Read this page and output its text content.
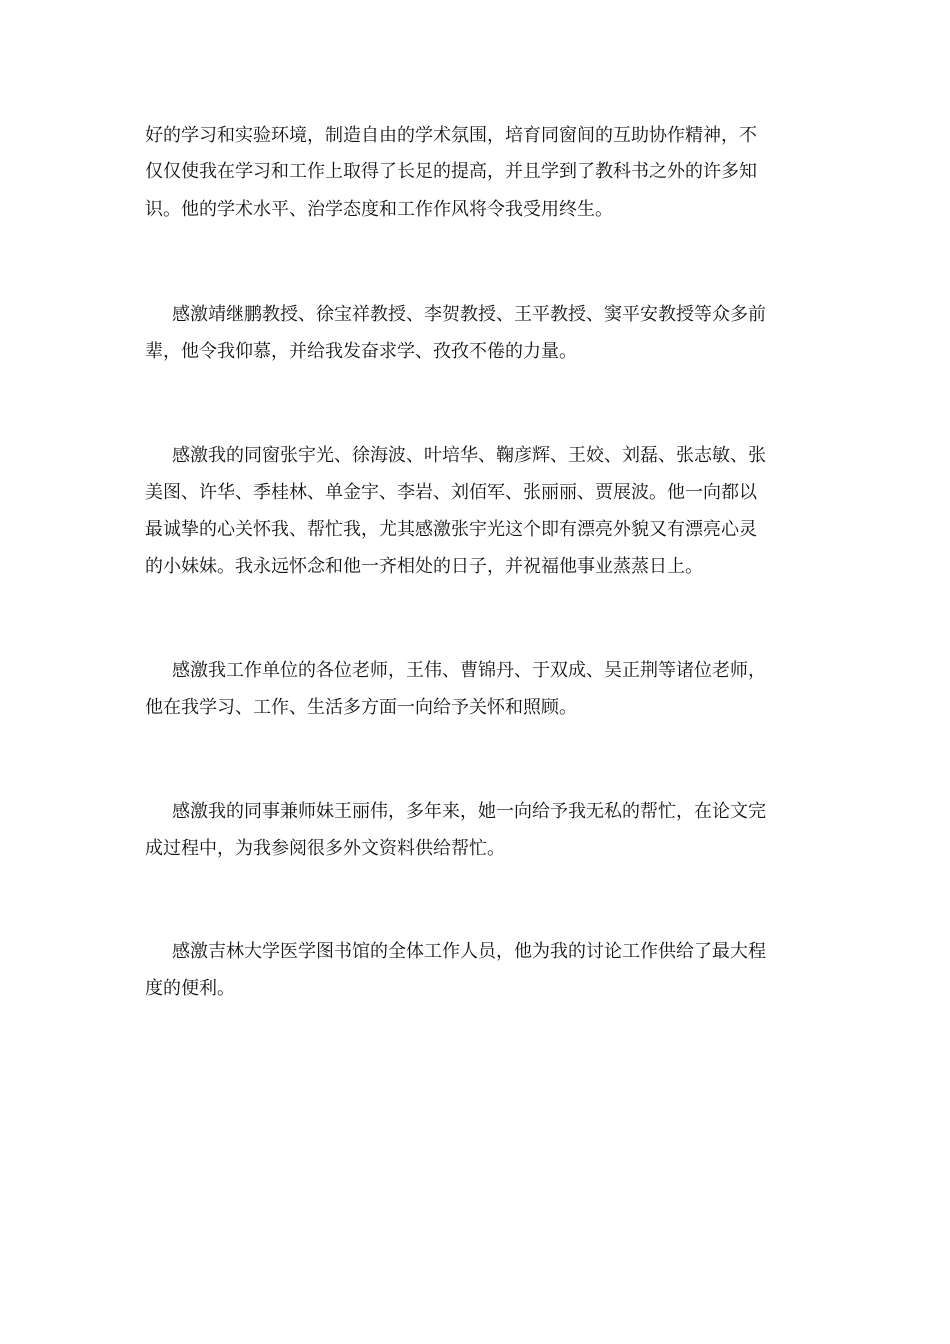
好的学习和实验环境，制造自由的学术氛围，培育同窗间的互助协作精神，不
仅仅使我在学习和工作上取得了长足的提高，并且学到了教科书之外的许多知
识。他的学术水平、治学态度和工作作风将令我受用终生。
感激靖继鹏教授、徐宝祥教授、李贺教授、王平教授、窦平安教授等众多前
辈，他令我仰慕，并给我发奋求学、孜孜不倦的力量。
感激我的同窗张宇光、徐海波、叶培华、鞠彦辉、王姣、刘磊、张志敏、张
美图、许华、季桂林、单金宇、李岩、刘佰军、张丽丽、贾展波。他一向都以
最诚挚的心关怀我、帮忙我，尤其感激张宇光这个即有漂亮外貌又有漂亮心灵
的小妹妹。我永远怀念和他一齐相处的日子，并祝福他事业蒸蒸日上。
感激我工作单位的各位老师，王伟、曹锦丹、于双成、吴正荆等诸位老师，
他在我学习、工作、生活多方面一向给予关怀和照顾。
感激我的同事兼师妹王丽伟，多年来，她一向给予我无私的帮忙，在论文完
成过程中，为我参阅很多外文资料供给帮忙。
感激吉林大学医学图书馆的全体工作人员，他为我的讨论工作供给了最大程
度的便利。
